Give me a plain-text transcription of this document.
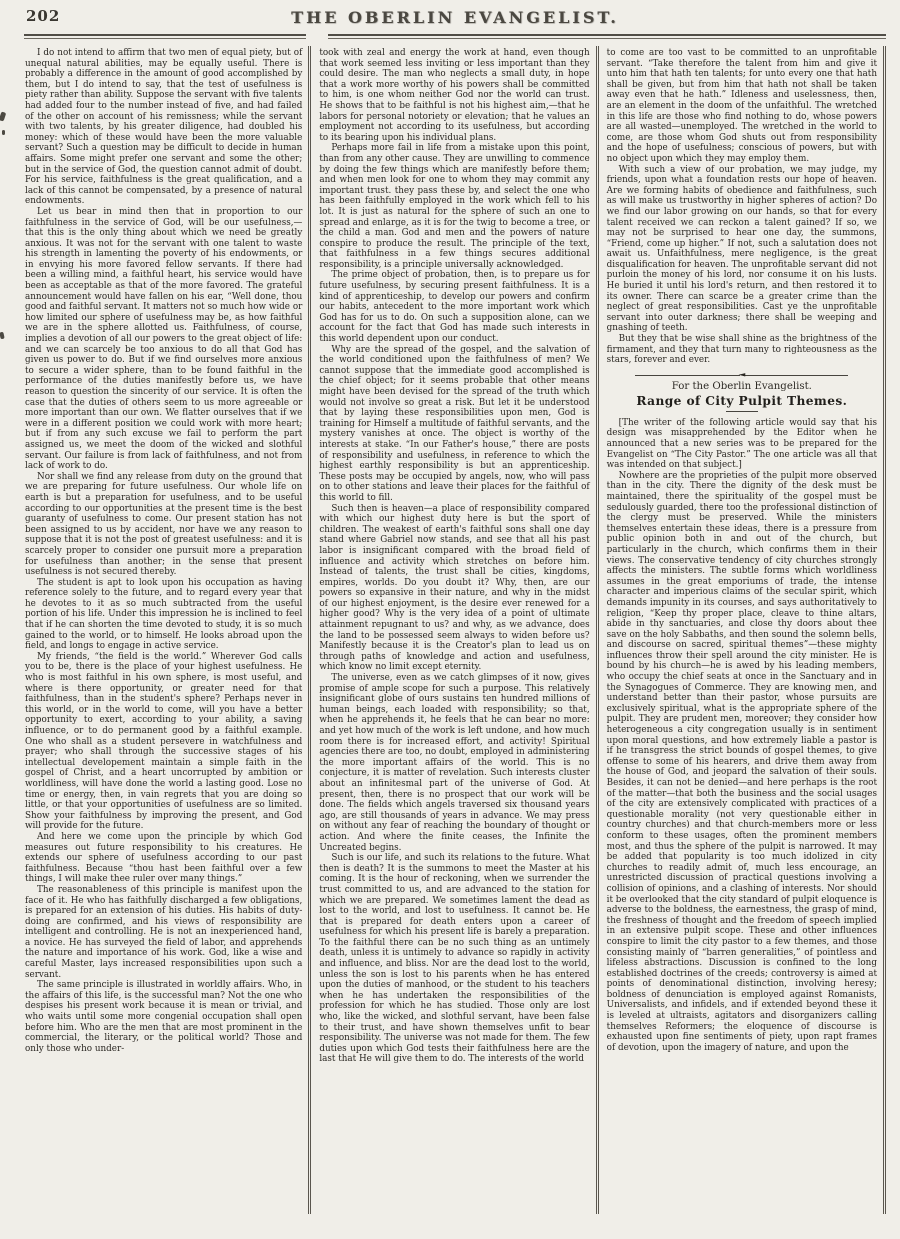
202	THE OBERLIN EVANGELIST.

I do not intend to affirm that two men of equal piety, but of unequal natural abilities, may be equally useful. There is probably a difference in the amount of good accomplished by them, but I do intend to say, that the test of usefulness is piety rather than ability. Suppose the servant with five talents had added four to the number instead of five, and had failed of the other on account of his remissness; while the servant with two talents, by his greater diligence, had doubled his money: which of these would have been the more valuable servant? Such a question may be difficult to decide in human affairs. Some might prefer one servant and some the other; but in the service of God, the question cannot admit of doubt. For his service, faithfulness is the great qualification, and a lack of this cannot be compensated, by a presence of natural endowments.

Let us bear in mind then that in proportion to our faithfulness in the service of God, will be our usefulness,—that this is the only thing about which we need be greatly anxious. It was not for the servant with one talent to waste his strength in lamenting the poverty of his endowments, or in envying his more favored fellow servants. If there had been a willing mind, a faithful heart, his service would have been as acceptable as that of the more favored. The grateful announcement would have fallen on his ear, “Well done, thou good and faithful servant. It matters not so much how wide or how limited our sphere of usefulness may be, as how faithful we are in the sphere allotted us. Faithfulness, of course, implies a devotion of all our powers to the great object of life: and we can scarcely be too anxious to do all that God has given us power to do. But if we find ourselves more anxious to secure a wider sphere, than to be found faithful in the performance of the duties manifestly before us, we have reason to question the sincerity of our service. It is often the case that the duties of others seem to us more agreeable or more important than our own. We flatter ourselves that if we were in a different position we could work with more heart; but if from any such excuse we fail to perform the part assigned us, we meet the doom of the wicked and slothful servant. Our failure is from lack of faithfulness, and not from lack of work to do.

Nor shall we find any release from duty on the ground that we are preparing for future usefulness. Our whole life on earth is but a preparation for usefulness, and to be useful according to our opportunities at the present time is the best guaranty of usefulness to come. Our present station has not been assigned to us by accident, nor have we any reason to suppose that it is not the post of greatest usefulness: and it is scarcely proper to consider one pursuit more a preparation for usefulness than another; in the sense that present usefulness is not secured thereby.

The student is apt to look upon his occupation as having reference solely to the future, and to regard every year that he devotes to it as so much subtracted from the useful portion of his life. Under this impression he is inclined to feel that if he can shorten the time devoted to study, it is so much gained to the world, or to himself. He looks abroad upon the field, and longs to engage in active service.

My friends, “the field is the world.” Wherever God calls you to be, there is the place of your highest usefulness. He who is most faithful in his own sphere, is most useful, and where is there opportunity, or greater need for that faithfulness, than in the student's sphere? Perhaps never in this world, or in the world to come, will you have a better opportunity to exert, according to your ability, a saving influence, or to do permanent good by a faithful example. One who shall as a student persevere in watchfulness and prayer; who shall through the successive stages of his intellectual developement maintain a simple faith in the gospel of Christ, and a heart uncorrupted by ambition or worldliness, will have done the world a lasting good. Lose no time or energy, then, in vain regrets that you are doing so little, or that your opportunities of usefulness are so limited. Show your faithfulness by improving the present, and God will provide for the future.

And here we come upon the principle by which God measures out future responsibility to his creatures. He extends our sphere of usefulness according to our past faithfulness. Because “thou hast been faithful over a few things, I will make thee ruler over many things.”

The reasonableness of this principle is manifest upon the face of it. He who has faithfully discharged a few obligations, is prepared for an extension of his duties. His habits of duty-doing are confirmed, and his views of responsibility are intelligent and controlling. He is not an inexperienced hand, a novice. He has surveyed the field of labor, and apprehends the nature and importance of his work. God, like a wise and careful Master, lays increased responsibilities upon such a servant.

The same principle is illustrated in worldly affairs. Who, in the affairs of this life, is the successful man? Not the one who despises his present work because it is mean or trivial, and who waits until some more congenial occupation shall open before him. Who are the men that are most prominent in the commercial, the literary, or the political world? Those and only those who under-

took with zeal and energy the work at hand, even though that work seemed less inviting or less important than they could desire. The man who neglects a small duty, in hope that a work more worthy of his powers shall be committed to him, is one whom neither God nor the world can trust. He shows that to be faithful is not his highest aim,—that he labors for personal notoriety or elevation; that he values an employment not according to its usefulness, but according to its bearing upon his individual plans.

Perhaps more fail in life from a mistake upon this point, than from any other cause. They are unwilling to commence by doing the few things which are manifestly before them; and when men look for one to whom they may commit any important trust. they pass these by, and select the one who has been faithfully employed in the work which fell to his lot. It is just as natural for the sphere of such an one to spread and enlarge, as it is for the twig to become a tree, or the child a man. God and men and the powers of nature conspire to produce the result. The principle of the text, that faithfulness in a few things secures additional responsibility, is a principle universally acknowledged.

The prime object of probation, then, is to prepare us for future usefulness, by securing present faithfulness. It is a kind of apprenticeship, to develop our powers and confirm our habits, antecedent to the more important work which God has for us to do. On such a supposition alone, can we account for the fact that God has made such interests in this world dependent upon our conduct.

Why are the spread of the gospel, and the salvation of the world conditioned upon the faithfulness of men? We cannot suppose that the immediate good accomplished is the chief object; for it seems probable that other means might have been devised for the spread of the truth which would not involve so great a risk. But let it be understood that by laying these responsibilities upon men, God is training for Himself a multitude of faithful servants, and the mystery vanishes at once. The object is worthy of the interests at stake. “In our Father's house,” there are posts of responsibility and usefulness, in reference to which the highest earthly responsibility is but an apprenticeship. These posts may be occupied by angels, now, who will pass on to other stations and leave their places for the faithful of this world to fill.

Such then is heaven—a place of responsibility compared with which our highest duty here is but the sport of children. The weakest of earth's faithful sons shall one day stand where Gabriel now stands, and see that all his past labor is insignificant compared with the broad field of influence and activity which stretches on before him. Instead of talents, the trust shall be cities, kingdoms, empires, worlds. Do you doubt it? Why, then, are our powers so expansive in their nature, and why in the midst of our highest enjoyment, is the desire ever renewed for a higher good? Why is the very idea of a point of ultimate attainment repugnant to us? and why, as we advance, does the land to be possessed seem always to widen before us? Manifestly because it is the Creator's plan to lead us on through paths of knowledge and action and usefulness, which know no limit except eternity.

The universe, even as we catch glimpses of it now, gives promise of ample scope for such a purpose. This relatively insignificant globe of ours sustains ten hundred millions of human beings, each loaded with responsibility; so that, when he apprehends it, he feels that he can bear no more: and yet how much of the work is left undone, and how much room there is for increased effort, and activity! Spiritual agencies there are too, no doubt, employed in administering the more important affairs of the world. This is no conjecture, it is matter of revelation. Such interests cluster about an infinitesmal part of the universe of God. At present, then, there is no prospect that our work will be done. The fields which angels traversed six thousand years ago, are still thousands of years in advance. We may press on without any fear of reaching the boundary of thought or action. And where the finite ceases, the Infinite the Uncreated begins.

Such is our life, and such its relations to the future. What then is death? It is the summons to meet the Master at his coming. It is the hour of reckoning, when we surrender the trust committed to us, and are advanced to the station for which we are prepared. We sometimes lament the dead as lost to the world, and lost to usefulness. It cannot be. He that is prepared for death enters upon a career of usefulness for which his present life is barely a preparation. To the faithful there can be no such thing as an untimely death, unless it is untimely to advance so rapidly in activity and influence, and bliss. Nor are the dead lost to the world, unless the son is lost to his parents when he has entered upon the duties of manhood, or the student to his teachers when he has undertaken the responsibilities of the profession for which he has studied. Those only are lost who, like the wicked, and slothful servant, have been false to their trust, and have shown themselves unfit to bear responsibility. The universe was not made for them. The few duties upon which God tests their faithfulness here are the last that He will give them to do. The interests of the world

to come are too vast to be committed to an unprofitable servant. “Take therefore the talent from him and give it unto him that hath ten talents; for unto every one that hath shall be given, but from him that hath not shall be taken away even that he hath.” Idleness and uselessness, then, are an element in the doom of the unfaithful. The wretched in this life are those who find nothing to do, whose powers are all wasted—unemployed. The wretched in the world to come, are those whom God shuts out from responsibility and the hope of usefulness; conscious of powers, but with no object upon which they may employ them.

With such a view of our probation, we may judge, my friends, upon what a foundation rests our hope of heaven. Are we forming habits of obedience and faithfulness, such as will make us trustworthy in higher spheres of action? Do we find our labor growing on our hands, so that for every talent received we can reckon a talent gained? If so, we may not be surprised to hear one day, the summons, “Friend, come up higher.” If not, such a salutation does not await us. Unfaithfulness, mere negligence, is the great disqualification for heaven. The unprofitable servant did not purloin the money of his lord, nor consume it on his lusts. He buried it until his lord's return, and then restored it to its owner. There can scarce be a greater crime than the neglect of great responsibilities. Cast ye the unprofitable servant into outer darkness; there shall be weeping and gnashing of teeth.

But they that be wise shall shine as the brightness of the firmament, and they that turn many to righteousness as the stars, forever and ever.

◄
For the Oberlin Evangelist.
Range of City Pulpit Themes.

[The writer of the following article would say that his design was misapprehended by the Editor when he announced that a new series was to be prepared for the Evangelist on “The City Pastor.” The one article was all that was intended on that subject.]

Nowhere are the proprieties of the pulpit more observed than in the city. There the dignity of the desk must be maintained, there the spirituality of the gospel must be sedulously guarded, there too the professional distinction of the clergy must be preserved. While the ministers themselves entertain these ideas, there is a pressure from public opinion both in and out of the church, but particularly in the church, which confirms them in their views. The conservative tendency of city churches strongly affects the ministers. The subtle forms which worldliness assumes in the great emporiums of trade, the intense character and imperious claims of the secular spirit, which demands impunity in its courses, and says authoritatively to religion, “Keep thy proper place, cleave to thine altars, abide in thy sanctuaries, and close thy doors about thee save on the holy Sabbaths, and then sound the solemn bells, and discourse on sacred, spiritual themes”—these mighty influences throw their spell around the city minister. He is bound by his church—he is awed by his leading members, who occupy the chief seats at once in the Sanctuary and in the Synagogues of Commerce. They are knowing men, and understand better than their pastor, whose pursuits are exclusively spiritual, what is the appropriate sphere of the pulpit. They are prudent men, moreover; they consider how heterogeneous a city congregation usually is in sentiment upon moral questions, and how extremely liable a pastor is if he transgress the strict bounds of gospel themes, to give offense to some of his hearers, and drive them away from the house of God, and jeopard the salvation of their souls. Besides, it can not be denied—and here perhaps is the root of the matter—that both the business and the social usages of the city are extensively complicated with practices of a questionable morality (not very questionable either in country churches) and that church-members more or less conform to these usages, often the prominent members most, and thus the sphere of the pulpit is narrowed. It may be added that popularity is too much idolized in city churches to readily admit of, much less encourage, an unrestricted discussion of practical questions involving a collision of opinions, and a clashing of interests. Nor should it be overlooked that the city standard of pulpit eloquence is adverse to the boldness, the earnestness, the grasp of mind, the freshness of thought and the freedom of speech implied in an extensive pulpit scope. These and other influences conspire to limit the city pastor to a few themes, and those consisting mainly of “barren generalities,” of pointless and lifeless abstractions. Discussion is confined to the long established doctrines of the creeds; controversy is aimed at points of denominational distinction, involving heresy; boldness of denunciation is employed against Romanists, Universalists, and infidels, and if extended beyond these it is leveled at ultraists, agitators and disorganizers calling themselves Reformers; the eloquence of discourse is exhausted upon fine sentiments of piety, upon rapt frames of devotion, upon the imagery of nature, and upon the
